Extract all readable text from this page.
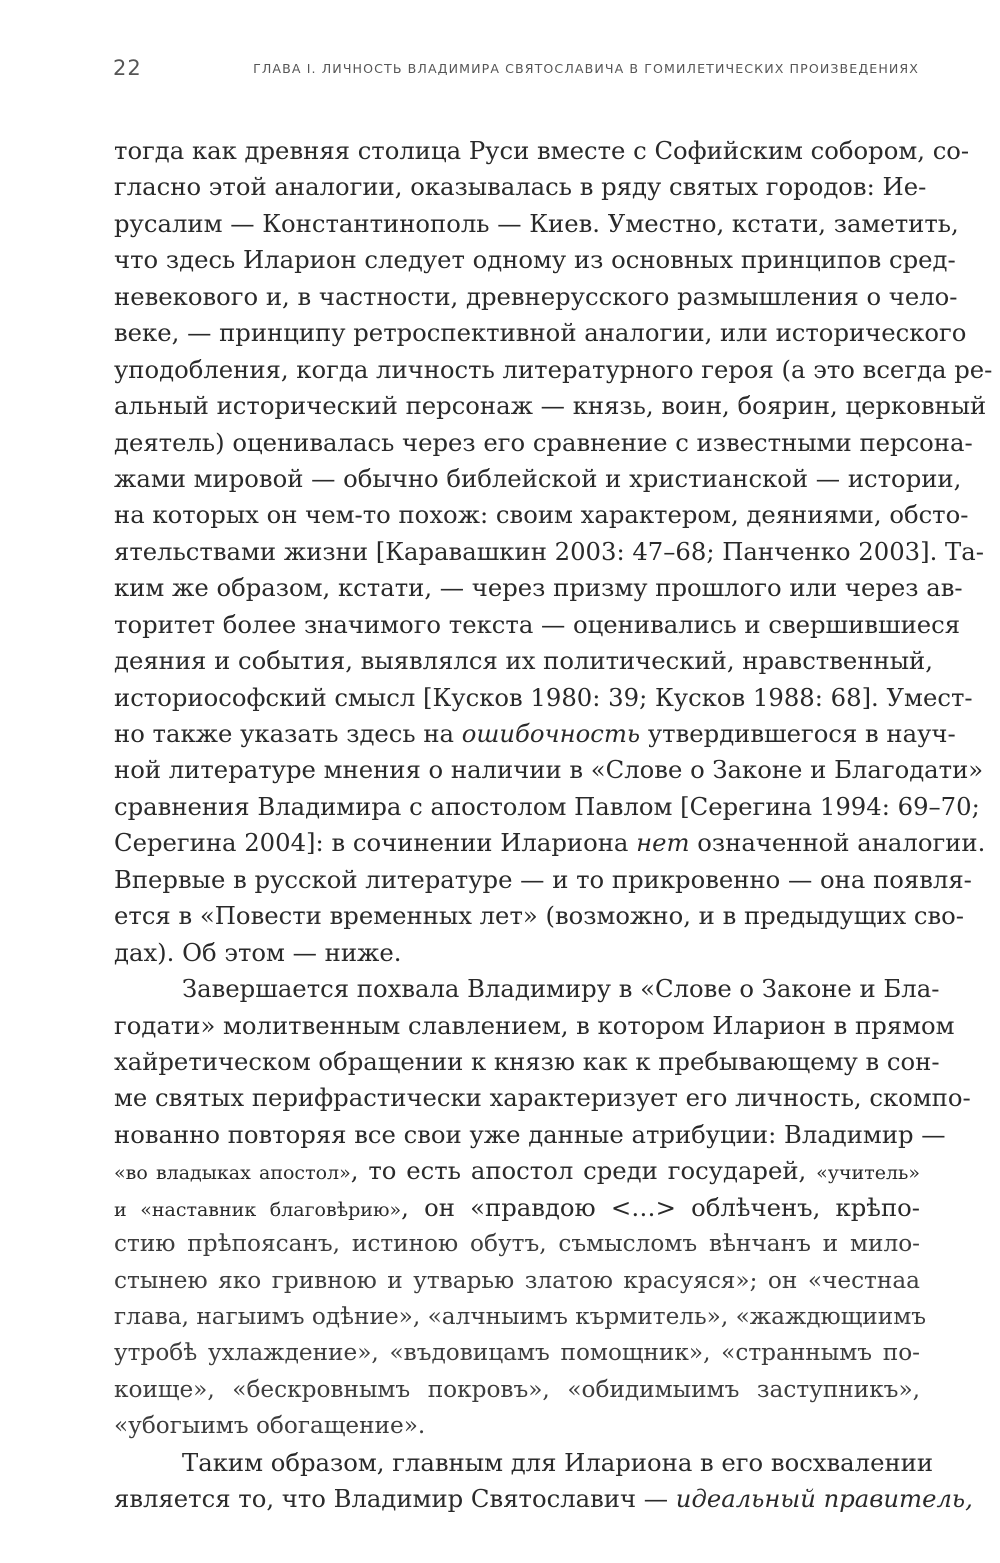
22	ГЛАВА I. ЛИЧНОСТЬ ВЛАДИМИРА СВЯТОСЛАВИЧА В ГОМИЛЕТИЧЕСКИХ ПРОИЗВЕДЕНИЯХ
тогда как древняя столица Руси вместе с Софийским собором, со-
гласно этой аналогии, оказывалась в ряду святых городов: Ие-
русалим — Константинополь — Киев. Уместно, кстати, заметить,
что здесь Иларион следует одному из основных принципов сред-
невекового и, в частности, древнерусского размышления о чело-
веке, — принципу ретроспективной аналогии, или исторического
уподобления, когда личность литературного героя (а это всегда ре-
альный исторический персонаж — князь, воин, боярин, церковный
деятель) оценивалась через его сравнение с известными персона-
жами мировой — обычно библейской и христианской — истории,
на которых он чем-то похож: своим характером, деяниями, обсто-
ятельствами жизни [Каравашкин 2003: 47–68; Панченко 2003]. Та-
ким же образом, кстати, — через призму прошлого или через ав-
торитет более значимого текста — оценивались и свершившиеся
деяния и события, выявлялся их политический, нравственный,
историософский смысл [Кусков 1980: 39; Кусков 1988: 68]. Умест-
но также указать здесь на ошибочность утвердившегося в науч-
ной литературе мнения о наличии в «Слове о Законе и Благодати»
сравнения Владимира с апостолом Павлом [Серегина 1994: 69–70;
Серегина 2004]: в сочинении Илариона нет означенной аналогии.
Впервые в русской литературе — и то прикровенно — она появля-
ется в «Повести временных лет» (возможно, и в предыдущих сво-
дах). Об этом — ниже.
Завершается похвала Владимиру в «Слове о Законе и Бла-
годати» молитвенным славлением, в котором Иларион в прямом
хайретическом обращении к князю как к пребывающему в сон-
ме святых перифрастически характеризует его личность, скомпо-
нованно повторяя все свои уже данные атрибуции: Владимир —
«во владыках апостол», то есть апостол среди государей, «учитель»
и «наставник благовѣрию», он «правдою <…> облѣченъ, крѣпо-
стию прѣпоясанъ, истиною обутъ, съмысломъ вѣнчанъ и мило-
стынею яко гривною и утварью златою красуяся»; он «честнаа
глава, нагыимъ одѣние», «алчныимъ кърмитель», «жаждющиимъ
утробѣ ухлаждение», «въдовицамъ помощник», «страннымъ по-
коище», «бескровнымъ покровъ», «обидимыимъ заступникъ»,
«убогыимъ обогащение».
Таким образом, главным для Илариона в его восхвалении
является то, что Владимир Святославич — идеальный правитель,
